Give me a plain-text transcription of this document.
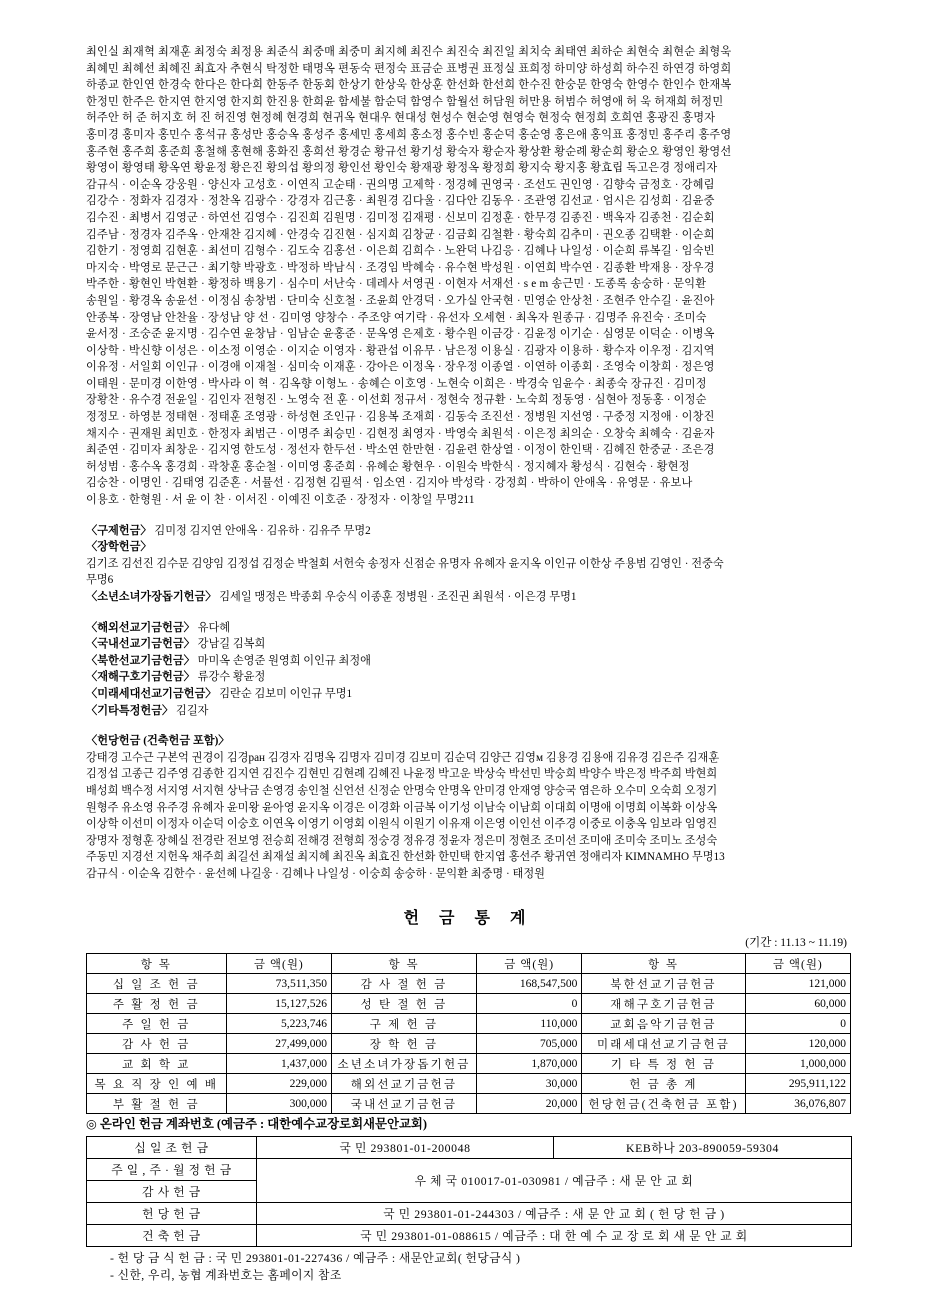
최인실 최재혁 최재훈 최정숙 최정용 최준식 최중매 최중미 최지혜 최진수 최진숙 최진일 최치숙 최태연 최하순 최현숙 최현순 최형욱
최혜민 최혜선 최혜진 최효자 추현식 탁정한 태명옥 편동숙 편정숙 표금순 표병권 표정실 표희정 하미양 하성희 하수진 하연경 하영희
하종교 한인연 한경숙 한다은 한다희 한동주 한동회 한상기 한상욱 한상훈 한선화 한선희 한수진 한숭문 한영숙 한영수 한인수 한재복
한정민 한주은 한지연 한지영 한지희 한진용 한희윤 함세불 함순덕 함영수 함월선 허담원 허만용 허범수 허영애 허 욱 허재희 허정민
허주안 허 준 허지호 허 진 허진영 현정혜 현경희 현귀옥 현대우 현대성 현성수 현순영 현영숙 현정숙 현정희 호희연 홍광진 홍명자
홍미경 홍미자 홍민수 홍석규 홍성만 홍승옥 홍성주 홍세민 홍세희 홍소정 홍수빈 홍순덕 홍순영 홍은애 홍익표 홍정민 홍주리 홍주영
홍주현 홍주희 홍준희 홍철해 홍현해 홍화진 홍희선 황경순 황규선 황기성 황숙자 황순자 황상환 황순례 황순희 황순오 황영인 황영선
황영이 황영태 황옥연 황윤정 황은진 황의섭 황의정 황인선 황인숙 황재광 황정옥 황정희 황지숙 황지홍 황효립 독고은경 정애리자
감규식 · 이순옥 강웅원 · 양신자 고성호 · 이연직 고순태 · 권의명 고제학 · 정경혜 권영국 · 조선도 권인영 · 김향숙 금정호 · 강혜림
김강수 · 정화자 김경자 · 정찬옥 김광수 · 강경자 김근홍 · 최원경 김다울 · 김다안 김동우 · 조관영 김선교 · 엄시은 김성희 · 김윤중
김수진 · 최병서 김영군 · 하연선 김영수 · 김진희 김원명 · 김미정 김재평 · 신보미 김정훈 · 한무경 김종진 · 백옥자 김종천 · 김순회
김주남 · 정경자 김주옥 · 안재찬 김지혜 · 안경숙 김진현 · 심지희 김창균 · 김금회 김철환 · 황숙희 김추미 · 권오종 김택환 · 이순희
김한기 · 정영희 김현훈 · 최선미 김형수 · 김도숙 김홍선 · 이은희 김희수 · 노완덕 나김응 · 김혜나 나일성 · 이순희 류복길 · 임숙빈
마지숙 · 박영로 문근근 · 최기향 박광호 · 박정하 박남식 · 조경임 박혜숙 · 유수현 박성원 · 이연희 박수연 · 김종환 박재용 · 장우경
박주한 · 황현인 박현환 · 황정하 백용기 · 심수미 서난숙 · 데레사 서영권 · 이현자 서재선 · s e m 송근민 · 도종록 송숭하 · 문익환
송원일 · 황경옥 송윤선 · 이정심 송창범 · 단미숙 신호철 · 조윤희 안경덕 · 오가실 안국현 · 민영순 안상천 · 조현주 안수길 · 윤진아
안종복 · 장영남 안찬율 · 장성남 양 선 · 김미영 양창수 · 주조양 여기락 · 유선자 오세현 · 최옥자 원종규 · 김명주 유진숙 · 조미숙
윤서정 · 조숭준 윤지명 · 김수연 윤창남 · 임남순 윤홍준 · 문옥영 은제호 · 황수원 이금강 · 김윤정 이기순 · 심영문 이덕순 · 이병옥
이상학 · 박신향 이성은 · 이소정 이영순 · 이지순 이영자 · 황관섭 이유무 · 남은정 이용실 · 김광자 이용하 · 황수자 이우정 · 김지역
이유정 · 서일회 이인규 · 이경애 이재철 · 심미숙 이재훈 · 강아은 이정옥 · 장우정 이종열 · 이연하 이종회 · 조영숙 이창희 · 정은영
이태원 · 문미경 이한영 · 박사라 이 혁 · 김옥향 이형노 · 송혜슨 이호영 · 노현숙 이희은 · 박경숙 임윤수 · 최종숙 장규진 · 김미정
장황찬 · 유수경 전윤일 · 김인자 전형진 · 노영숙 전 훈 · 이선회 정규서 · 정현숙 정규환 · 노숙희 정동영 · 심현아 정동홍 · 이정순
정정모 · 하영분 정태현 · 정태훈 조영광 · 하성현 조인규 · 김용복 조재희 · 김동숙 조진선 · 정병원 지선영 · 구중정 지정애 · 이창진
채지수 · 권재원 최민호 · 한정자 최범근 · 이명주 최승민 · 김현정 최영자 · 박영숙 최원석 · 이은정 최의순 · 오창숙 최혜숙 · 김윤자
최준연 · 김미자 최창운 · 김지영 한도성 · 정선자 한두선 · 박소연 한만현 · 김윤련 한상열 · 이정이 한인택 · 김혜진 한중균 · 조은경
허성범 · 홍수옥 홍경희 · 곽창훈 홍순철 · 이미영 홍준희 · 유혜순 황현우 · 이원숙 박한식 · 정지혜자 황성식 · 김현숙 · 황현정
김숭찬 · 이명인 · 김태영 김준혼 · 서뮬선 · 김정현 김필석 · 임소연 · 김지아 박성락 · 강정희 · 박하이 안애옥 · 유영문 · 유보나
이용호 · 한형원 · 서 윤 이 찬 · 이서진 · 이예진 이호준 · 장정자 · 이창일 무명211
〈구제헌금〉 김미정 김지연 안애옥 · 김유하 · 김유주 무명2
〈장학헌금〉
김기조 김선진 김수문 김양임 김정섭 김정순 박철회 서헌숙 송정자 신점순 유명자 유혜자 윤지옥 이인규 이한상 주용범 김영인 · 전중숙
무명6
〈소년소녀가장돕기헌금〉 김세일 맹정은 박종회 우숭식 이종훈 정병원 · 조진권 최원석 · 이은경 무명1
〈해외선교기금헌금〉 유다혜
〈국내선교기금헌금〉 강남길 김복희
〈북한선교기금헌금〉 마미옥 손영준 원영희 이인규 최정애
〈재해구호기금헌금〉 류강수 황윤정
〈미래세대선교기금헌금〉 김란순 김보미 이인규 무명1
〈기타특정헌금〉 김길자
〈헌당헌금 (건축헌금 포함)〉
강태경 고수근 구본억 권경이 김경ран 김경자 김명옥 김명자 김미경 김보미 김순덕 김양근 김영м 김용경 김용애 김유경 김은주 김재훈
김정섭 고종근 김주영 김종한 김지연 김진수 김현민 김현례 김혜진 나윤정 박고운 박상숙 박선민 박숭희 박양수 박은정 박주희 박현희
배성희 백수정 서지영 서지현 상낙금 손영경 송인철 신언선 신정순 안명숙 안명옥 안미경 안재영 양숭국 염은하 오수미 오숙희 오정기
원형주 유소영 유주경 유혜자 윤미왕 윤아영 윤지옥 이경은 이경화 이금복 이기성 이남숙 이남희 이대희 이명애 이명희 이복화 이상옥
이상학 이선미 이정자 이순덕 이숭호 이연옥 이영기 이영회 이원식 이원기 이유재 이은영 이인선 이주경 이중로 이충옥 임보라 임영진
장명자 정형훈 장혜실 전경란 전보영 전승희 전해경 전형희 정숭경 정유경 정윤자 정은미 정현조 조미선 조미애 조미숙 조미노 조성숙
주동민 지경선 지헌옥 채주희 최길선 최재설 최지혜 최진옥 최효진 한선화 한민택 한지엽 홍선주 황귀연 정애리자 KIMNAMHO 무명13
감규식 · 이순옥 김한수 · 윤선혜 나길웅 · 김혜나 나일성 · 이숭희 송숭하 · 문익환 최중명 · 태정원
헌 금 통 계
(기간 : 11.13 ~ 11.19)
항 목	금 액(원)	항 목	금 액(원)	항 목	금 액(원)
십 일 조 헌 금	73,511,350	감 사 절 헌 금	168,547,500	북한선교기금헌금	121,000
주 활 정 헌 금	15,127,526	성 탄 절 헌 금	0	재해구호기금헌금	60,000
주 일 헌 금	5,223,746	구 제 헌 금	110,000	교회음악기금헌금	0
감 사 헌 금	27,499,000	장 학 헌 금	705,000	미래세대선교기금헌금	120,000
교 회 학 교	1,437,000	소년소녀가장돕기헌금	1,870,000	기 타 특 정 헌 금	1,000,000
목 요 직 장 인 예 배	229,000	해외선교기금헌금	30,000	헌 금 총 계	295,911,122
부 활 절 헌 금	300,000	국내선교기금헌금	20,000	헌당헌금(건축헌금 포함)	36,076,807
◎ 온라인 헌금 계좌번호 (예금주 : 대한예수교장로회새문안교회)
십 일 조 헌 금	국 민 293801-01-200048	KEB하나 203-890059-59304
주 일 , 주 · 월 정 헌 금	우 체 국 010017-01-030981 / 예금주 : 새 문 안 교 회	
감 사 헌 금		
헌 당 헌 금	국 민 293801-01-244303 / 예금주 : 새 문 안 교 회 ( 헌 당 헌 금 )	
건 축 헌 금	국 민 293801-01-088615 / 예금주 : 대 한 예 수 교 장 로 회 새 문 안 교 회	
- 헌 당 금 식 헌 금 : 국 민 293801-01-227436 / 예금주 : 새문안교회( 헌당금식 )
- 신한, 우리, 농협 계좌번호는 홈페이지 참조
